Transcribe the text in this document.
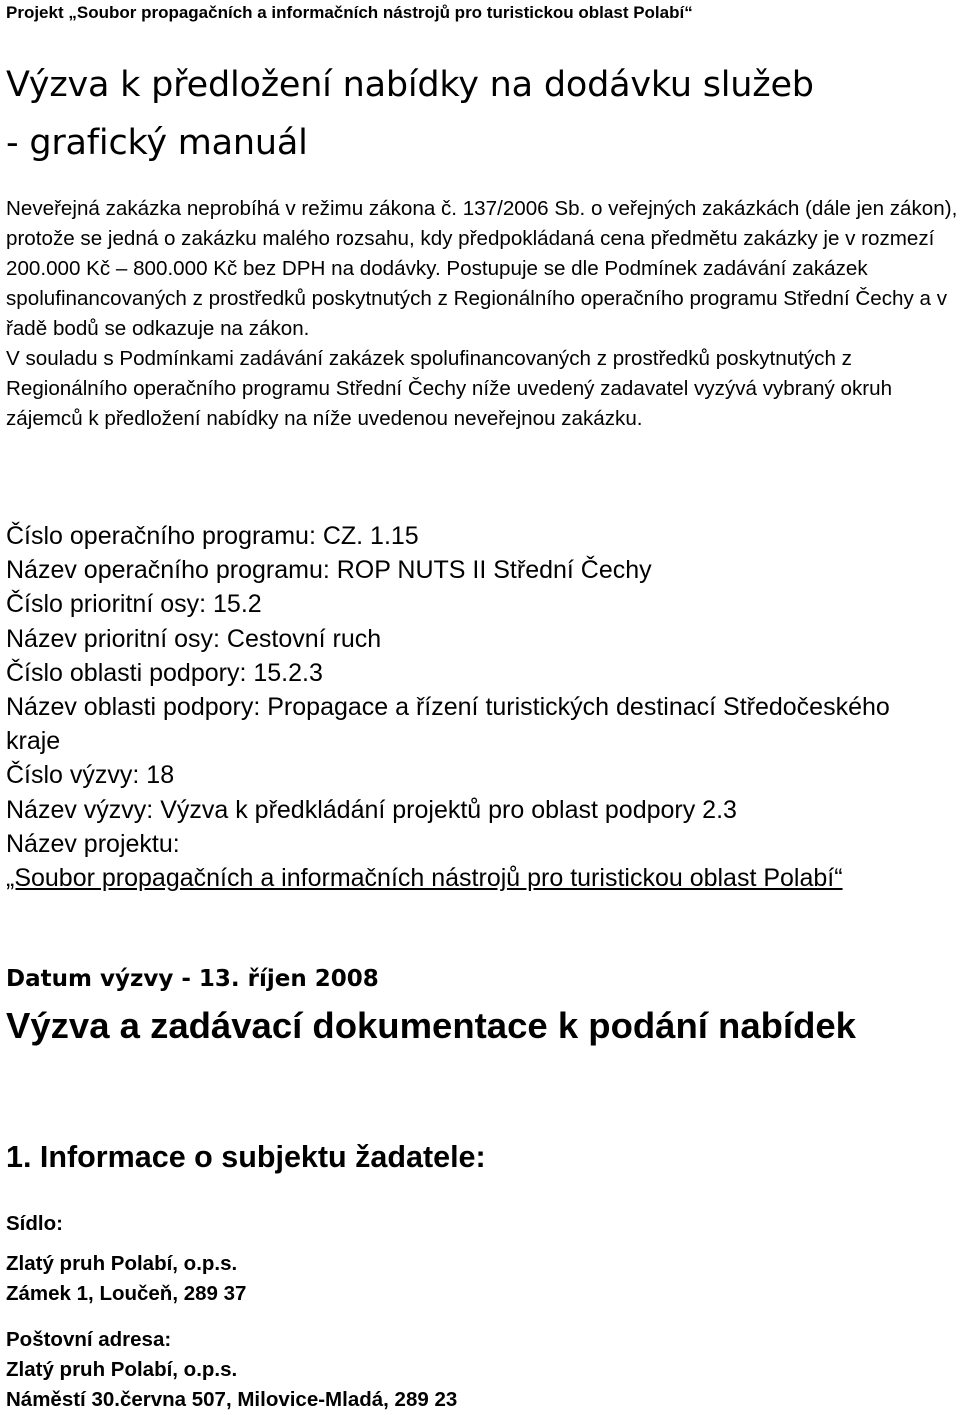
Projekt „Soubor propagačních a informačních nástrojů pro turistickou oblast Polabí“
Výzva k předložení nabídky na dodávku služeb
- grafický manuál
Neveřejná zakázka neprobíhá v režimu zákona č. 137/2006 Sb. o veřejných zakázkách (dále jen zákon), protože se jedná o zakázku malého rozsahu, kdy předpokládaná cena předmětu zakázky je v rozmezí 200.000 Kč – 800.000 Kč bez DPH na dodávky. Postupuje se dle Podmínek zadávání zakázek spolufinancovaných z prostředků poskytnutých z Regionálního operačního programu Střední Čechy a v řadě bodů se odkazuje na zákon.
V souladu s Podmínkami zadávání zakázek spolufinancovaných z prostředků poskytnutých z Regionálního operačního programu Střední Čechy níže uvedený zadavatel vyzývá vybraný okruh zájemců k předložení nabídky na níže uvedenou neveřejnou zakázku.
Číslo operačního programu: CZ. 1.15
Název operačního programu: ROP NUTS II Střední Čechy
Číslo prioritní osy: 15.2
Název prioritní osy: Cestovní ruch
Číslo oblasti podpory: 15.2.3
Název oblasti podpory: Propagace a řízení turistických destinací Středočeského kraje
Číslo výzvy: 18
Název výzvy: Výzva k předkládání projektů pro oblast podpory 2.3
Název projektu:
„Soubor propagačních a informačních nástrojů pro turistickou oblast Polabí“
Datum výzvy - 13. říjen 2008
Výzva a zadávací dokumentace k podání nabídek
1. Informace o subjektu žadatele:
Sídlo:
Zlatý pruh Polabí, o.p.s.
Zámek 1, Loučeň, 289 37
Poštovní adresa:
Zlatý pruh Polabí, o.p.s.
Náměstí 30.června 507, Milovice-Mladá, 289 23
